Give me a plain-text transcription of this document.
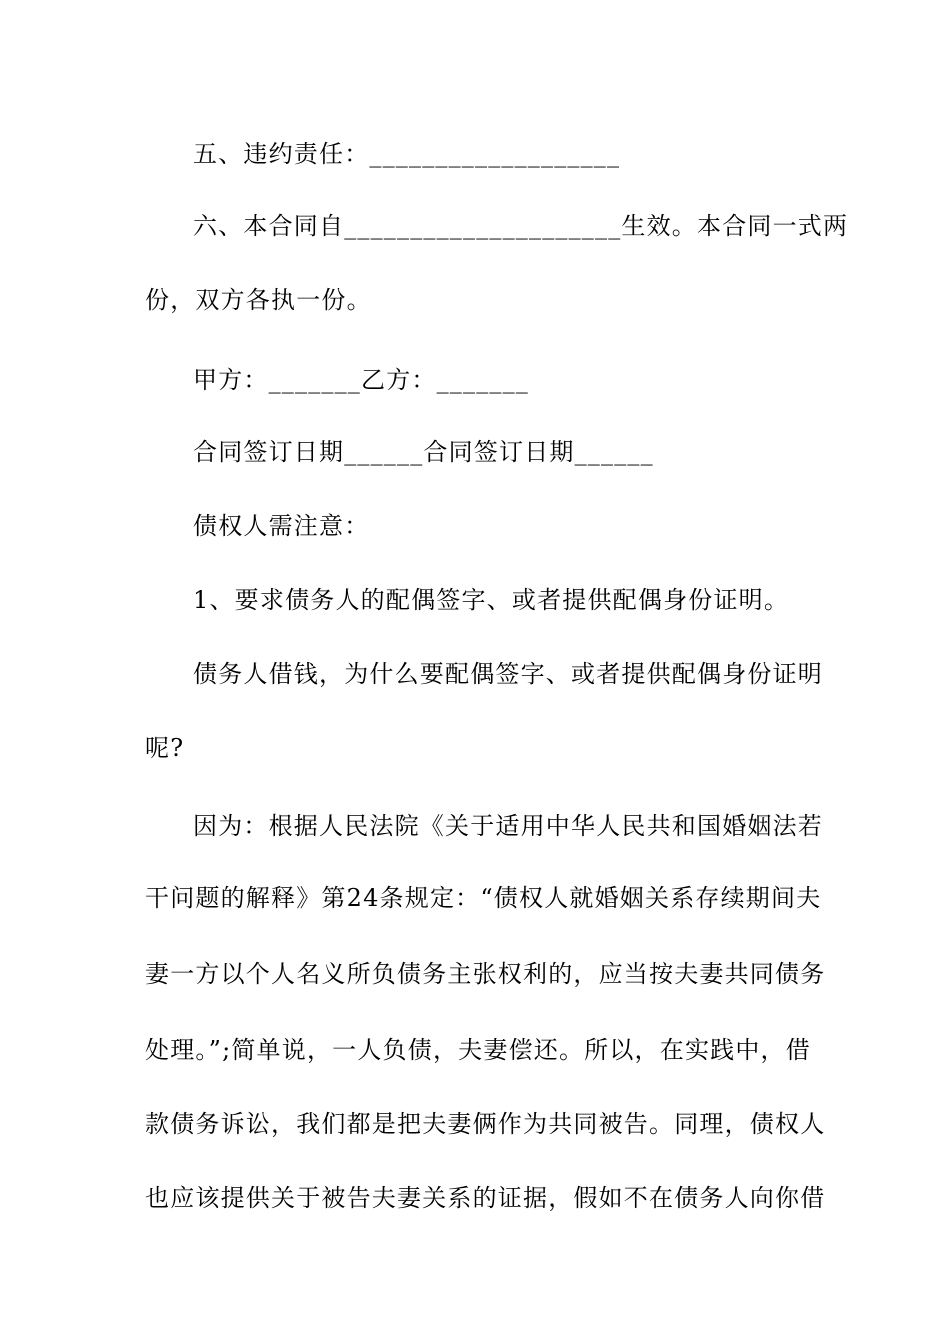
五、违约责任：___________________
六、本合同自_____________________生效。本合同一式两
份，双方各执一份。
甲方：_______乙方：_______
合同签订日期______合同签订日期______
债权人需注意：
1、要求债务人的配偶签字、或者提供配偶身份证明。
债务人借钱，为什么要配偶签字、或者提供配偶身份证明
呢?
因为：根据人民法院《关于适用中华人民共和国婚姻法若
干问题的解释》第24条规定：“债权人就婚姻关系存续期间夫
妻一方以个人名义所负债务主张权利的，应当按夫妻共同债务
处理。”;简单说，一人负债，夫妻偿还。所以，在实践中，借
款债务诉讼，我们都是把夫妻俩作为共同被告。同理，债权人
也应该提供关于被告夫妻关系的证据，假如不在债务人向你借
